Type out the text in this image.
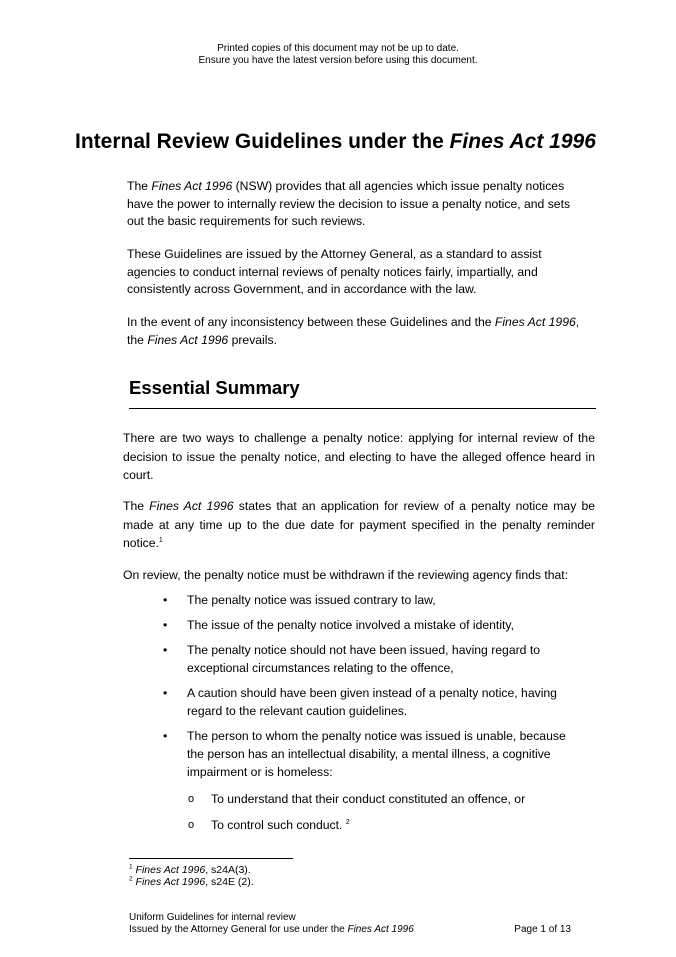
Printed copies of this document may not be up to date.
Ensure you have the latest version before using this document.
Internal Review Guidelines under the Fines Act 1996

The Fines Act 1996 (NSW) provides that all agencies which issue penalty notices have the power to internally review the decision to issue a penalty notice, and sets out the basic requirements for such reviews.

These Guidelines are issued by the Attorney General, as a standard to assist agencies to conduct internal reviews of penalty notices fairly, impartially, and consistently across Government, and in accordance with the law.

In the event of any inconsistency between these Guidelines and the Fines Act 1996, the Fines Act 1996 prevails.

Essential Summary

There are two ways to challenge a penalty notice: applying for internal review of the decision to issue the penalty notice, and electing to have the alleged offence heard in court.

The Fines Act 1996 states that an application for review of a penalty notice may be made at any time up to the due date for payment specified in the penalty reminder notice.$^1$

On review, the penalty notice must be withdrawn if the reviewing agency finds that:

• The penalty notice was issued contrary to law,
• The issue of the penalty notice involved a mistake of identity,
• The penalty notice should not have been issued, having regard to exceptional circumstances relating to the offence,
• A caution should have been given instead of a penalty notice, having regard to the relevant caution guidelines.
• The person to whom the penalty notice was issued is unable, because the person has an intellectual disability, a mental illness, a cognitive impairment or is homeless:
o To understand that their conduct constituted an offence, or
o To control such conduct. $^2$
$^1$ Fines Act 1996, s24A(3).
$^2$ Fines Act 1996, s24E (2).
Uniform Guidelines for internal review
Issued by the Attorney General for use under the Fines Act 1996	Page 1 of 13
